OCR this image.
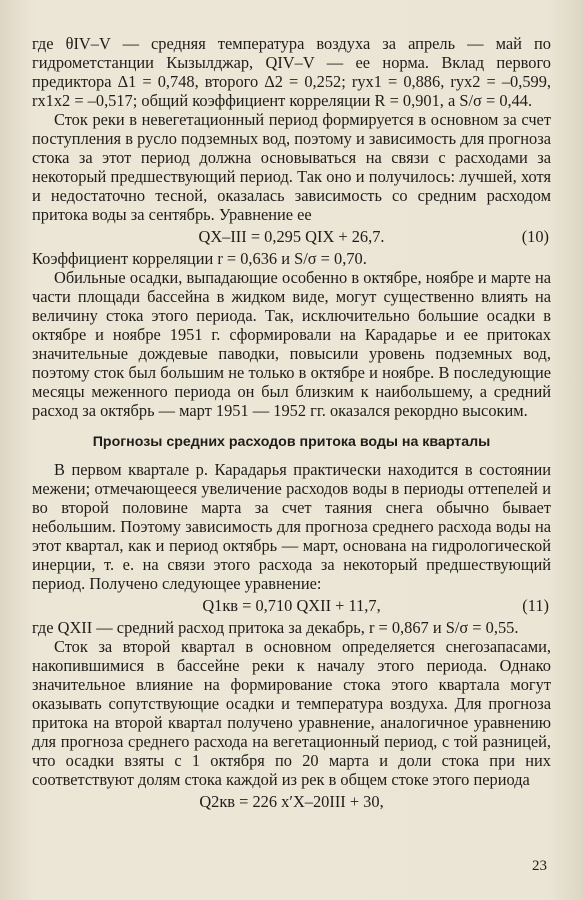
где θIV–V — средняя температура воздуха за апрель — май по гидрометстанции Кызылджар, QIV–V — ее норма. Вклад первого предиктора Δ1 = 0,748, второго Δ2 = 0,252; ryx1 = 0,886, ryx2 = –0,599, rx1x2 = –0,517; общий коэффициент корреляции R = 0,901, а S/σ = 0,44.

Сток реки в невегетационный период формируется в основном за счет поступления в русло подземных вод, поэтому и зависимость для прогноза стока за этот период должна основываться на связи с расходами за некоторый предшествующий период. Так оно и получилось: лучшей, хотя и недостаточно тесной, оказалась зависимость со средним расходом притока воды за сентябрь. Уравнение ее

QX–III = 0,295 QIX + 26,7.	(10)

Коэффициент корреляции r = 0,636 и S/σ = 0,70.

Обильные осадки, выпадающие особенно в октябре, ноябре и марте на части площади бассейна в жидком виде, могут существенно влиять на величину стока этого периода. Так, исключительно большие осадки в октябре и ноябре 1951 г. сформировали на Карадарье и ее притоках значительные дождевые паводки, повысили уровень подземных вод, поэтому сток был большим не только в октябре и ноябре. В последующие месяцы меженного периода он был близким к наибольшему, а средний расход за октябрь — март 1951 — 1952 гг. оказался рекордно высоким.

Прогнозы средних расходов притока воды на кварталы

В первом квартале р. Карадарья практически находится в состоянии межени; отмечающееся увеличение расходов воды в периоды оттепелей и во второй половине марта за счет таяния снега обычно бывает небольшим. Поэтому зависимость для прогноза среднего расхода воды на этот квартал, как и период октябрь — март, основана на гидрологической инерции, т. е. на связи этого расхода за некоторый предшествующий период. Получено следующее уравнение:

Q1кв = 0,710 QXII + 11,7,	(11)

где QXII — средний расход притока за декабрь, r = 0,867 и S/σ = 0,55.

Сток за второй квартал в основном определяется снегозапасами, накопившимися в бассейне реки к началу этого периода. Однако значительное влияние на формирование стока этого квартала могут оказывать сопутствующие осадки и температура воздуха. Для прогноза притока на второй квартал получено уравнение, аналогичное уравнению для прогноза среднего расхода на вегетационный период, с той разницей, что осадки взяты с 1 октября по 20 марта и доли стока при них соответствуют долям стока каждой из рек в общем стоке этого периода

Q2кв = 226 x′X–20III + 30,
23
